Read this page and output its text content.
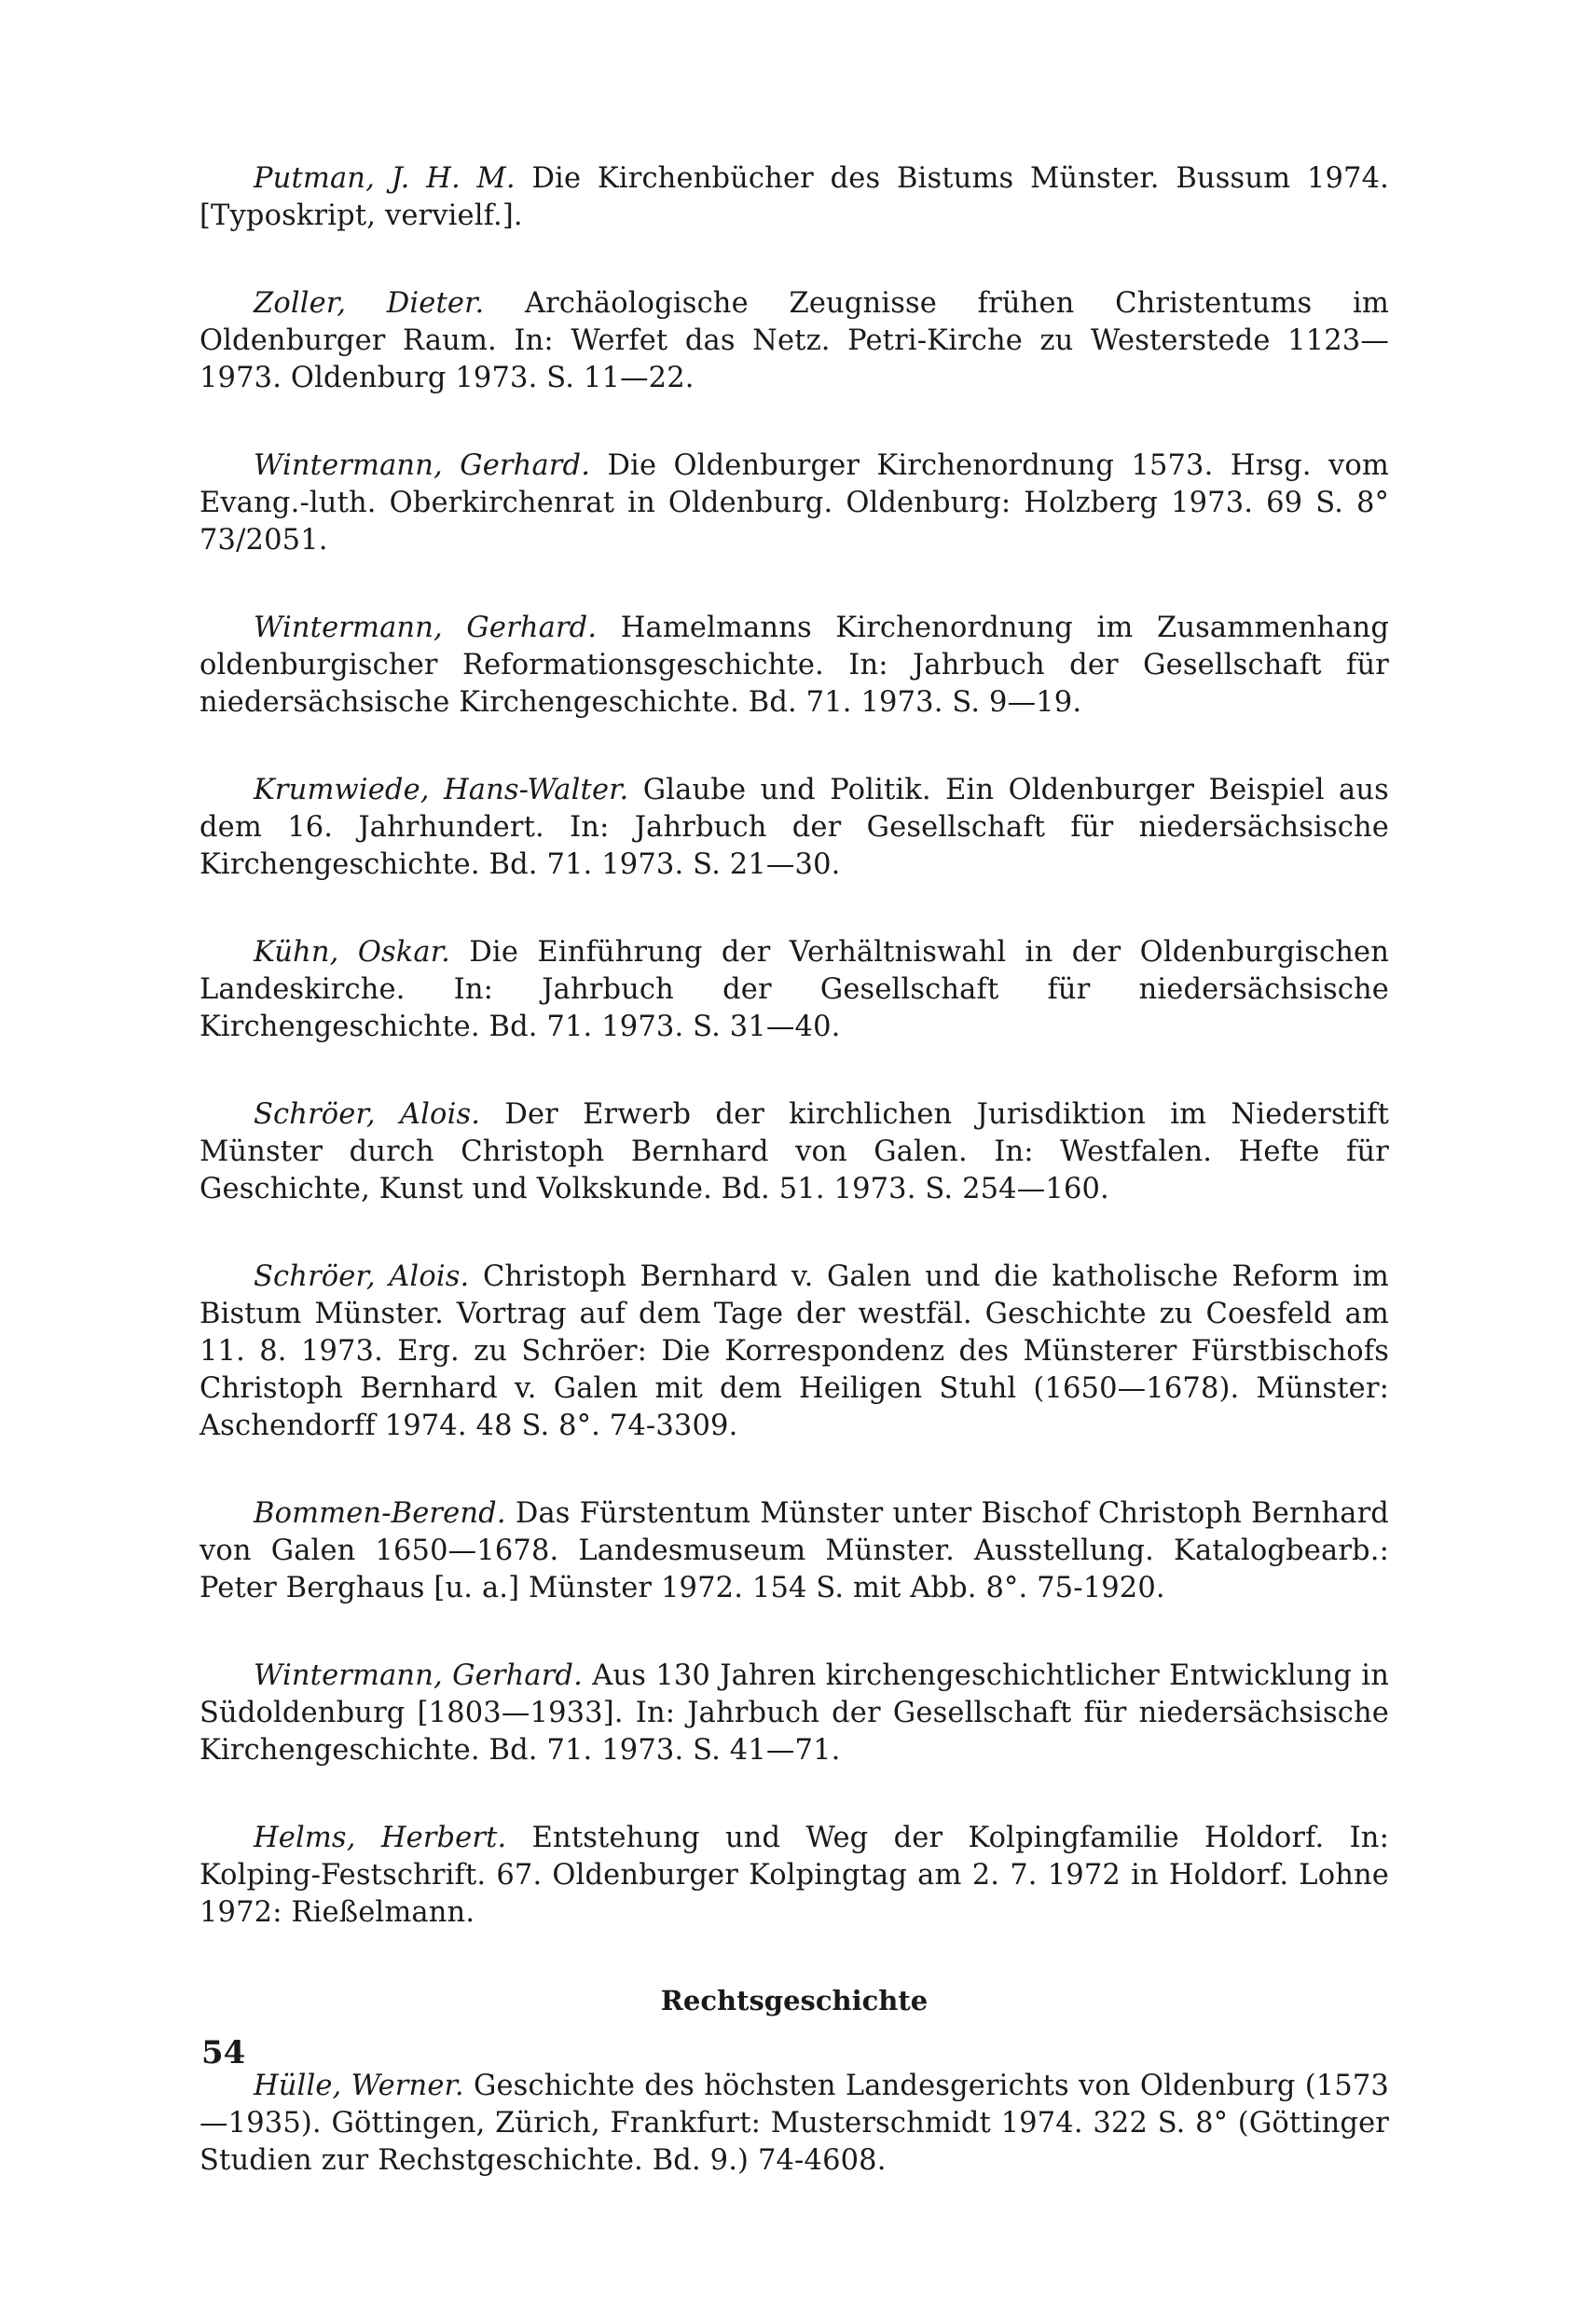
Putman, J. H. M. Die Kirchenbücher des Bistums Münster. Bussum 1974. [Typoskript, vervielf.].

Zoller, Dieter. Archäologische Zeugnisse frühen Christentums im Oldenburger Raum. In: Werfet das Netz. Petri-Kirche zu Westerstede 1123—1973. Oldenburg 1973. S. 11—22.

Wintermann, Gerhard. Die Oldenburger Kirchenordnung 1573. Hrsg. vom Evang.-luth. Oberkirchenrat in Oldenburg. Oldenburg: Holzberg 1973. 69 S. 8° 73/2051.

Wintermann, Gerhard. Hamelmanns Kirchenordnung im Zusammenhang oldenburgischer Reformationsgeschichte. In: Jahrbuch der Gesellschaft für niedersächsische Kirchengeschichte. Bd. 71. 1973. S. 9—19.

Krumwiede, Hans-Walter. Glaube und Politik. Ein Oldenburger Beispiel aus dem 16. Jahrhundert. In: Jahrbuch der Gesellschaft für niedersächsische Kirchengeschichte. Bd. 71. 1973. S. 21—30.

Kühn, Oskar. Die Einführung der Verhältniswahl in der Oldenburgischen Landeskirche. In: Jahrbuch der Gesellschaft für niedersächsische Kirchengeschichte. Bd. 71. 1973. S. 31—40.

Schröer, Alois. Der Erwerb der kirchlichen Jurisdiktion im Niederstift Münster durch Christoph Bernhard von Galen. In: Westfalen. Hefte für Geschichte, Kunst und Volkskunde. Bd. 51. 1973. S. 254—160.

Schröer, Alois. Christoph Bernhard v. Galen und die katholische Reform im Bistum Münster. Vortrag auf dem Tage der westfäl. Geschichte zu Coesfeld am 11. 8. 1973. Erg. zu Schröer: Die Korrespondenz des Münsterer Fürstbischofs Christoph Bernhard v. Galen mit dem Heiligen Stuhl (1650—1678). Münster: Aschendorff 1974. 48 S. 8°. 74-3309.

Bommen-Berend. Das Fürstentum Münster unter Bischof Christoph Bernhard von Galen 1650—1678. Landesmuseum Münster. Ausstellung. Katalogbearb.: Peter Berghaus [u. a.] Münster 1972. 154 S. mit Abb. 8°. 75-1920.

Wintermann, Gerhard. Aus 130 Jahren kirchengeschichtlicher Entwicklung in Südoldenburg [1803—1933]. In: Jahrbuch der Gesellschaft für niedersächsische Kirchengeschichte. Bd. 71. 1973. S. 41—71.

Helms, Herbert. Entstehung und Weg der Kolpingfamilie Holdorf. In: Kolping-Festschrift. 67. Oldenburger Kolpingtag am 2. 7. 1972 in Holdorf. Lohne 1972: Rießelmann.

Rechtsgeschichte

Hülle, Werner. Geschichte des höchsten Landesgerichts von Oldenburg (1573—1935). Göttingen, Zürich, Frankfurt: Musterschmidt 1974. 322 S. 8° (Göttinger Studien zur Rechstgeschichte. Bd. 9.) 74-4608.

54
